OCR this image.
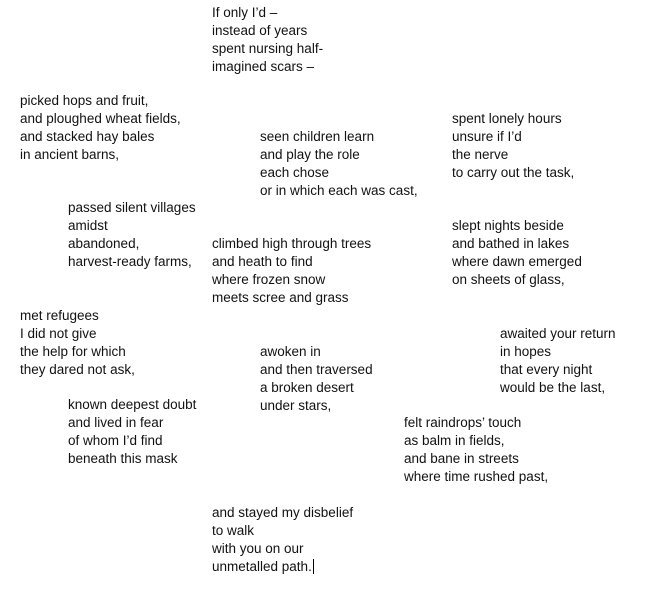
If only I’d –
instead of years
spent nursing half-
imagined scars –
picked hops and fruit,
and ploughed wheat fields,
and stacked hay bales
in ancient barns,
seen children learn
and play the role
each chose
or in which each was cast,
spent lonely hours
unsure if I’d
the nerve
to carry out the task,
passed silent villages
amidst
abandoned,
harvest-ready farms,
slept nights beside
and bathed in lakes
where dawn emerged
on sheets of glass,
climbed high through trees
and heath to find
where frozen snow
meets scree and grass
met refugees
I did not give
the help for which
they dared not ask,
awaited your return
in hopes
that every night
would be the last,
awoken in
and then traversed
a broken desert
under stars,
known deepest doubt
and lived in fear
of whom I’d find
beneath this mask
felt raindrops’ touch
as balm in fields,
and bane in streets
where time rushed past,
and stayed my disbelief
to walk
with you on our
unmetalled path.
